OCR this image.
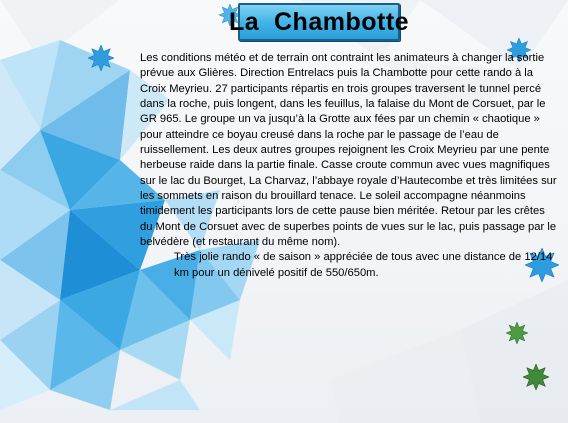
La  Chambotte

Les conditions météo et de terrain ont contraint les animateurs à changer la sortie prévue aux Glières. Direction Entrelacs puis la Chambotte pour cette rando à la Croix Meyrieu. 27 participants répartis en trois groupes traversent le tunnel percé dans la roche, puis longent, dans les feuillus, la falaise du Mont de Corsuet, par le GR 965. Le groupe un va jusqu’à la Grotte aux fées par un chemin « chaotique » pour atteindre ce boyau creusé dans la roche par le passage de l’eau de ruissellement. Les deux autres groupes rejoignent les Croix Meyrieu par une pente herbeuse raide dans la partie finale. Casse croute commun avec vues magnifiques sur le lac du Bourget, La Charvaz, l’abbaye royale d’Hautecombe et très limitées sur les sommets en raison du brouillard tenace. Le soleil accompagne néanmoins timidement les participants lors de cette pause bien méritée. Retour par les crêtes du Mont de Corsuet avec de superbes points de vues sur le lac, puis passage par le belvédère (et restaurant du même nom).

Très jolie rando « de saison » appréciée de tous avec une distance de 12/14 km pour un dénivelé positif de 550/650m.
